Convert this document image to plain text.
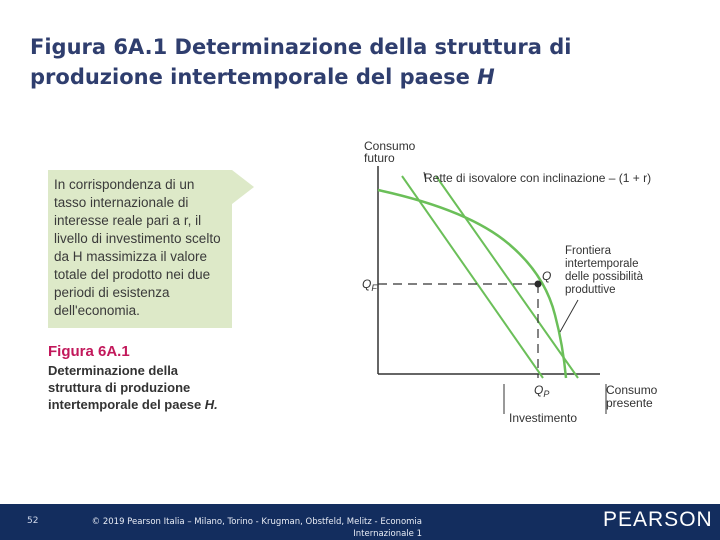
Figura 6A.1 Determinazione della struttura di produzione intertemporale del paese H

In corrispondenza di un tasso internazionale di interesse reale pari a r, il livello di investimento scelto da H massimizza il valore totale del prodotto nei due periodi di esistenza dell'economia.

Figura 6A.1

Determinazione della struttura di produzione intertemporale del paese H.

Consumo
futuro
Rette di isovalore con inclinazione – (1 + r)
Frontiera
intertemporale
delle possibilità
produttive
Q
$Q_F$
$Q_P$	Consumo
presente
Investimento
52	© 2019 Pearson Italia – Milano, Torino - Krugman, Obstfeld, Melitz - Economia Internazionale 1
PEARSON
